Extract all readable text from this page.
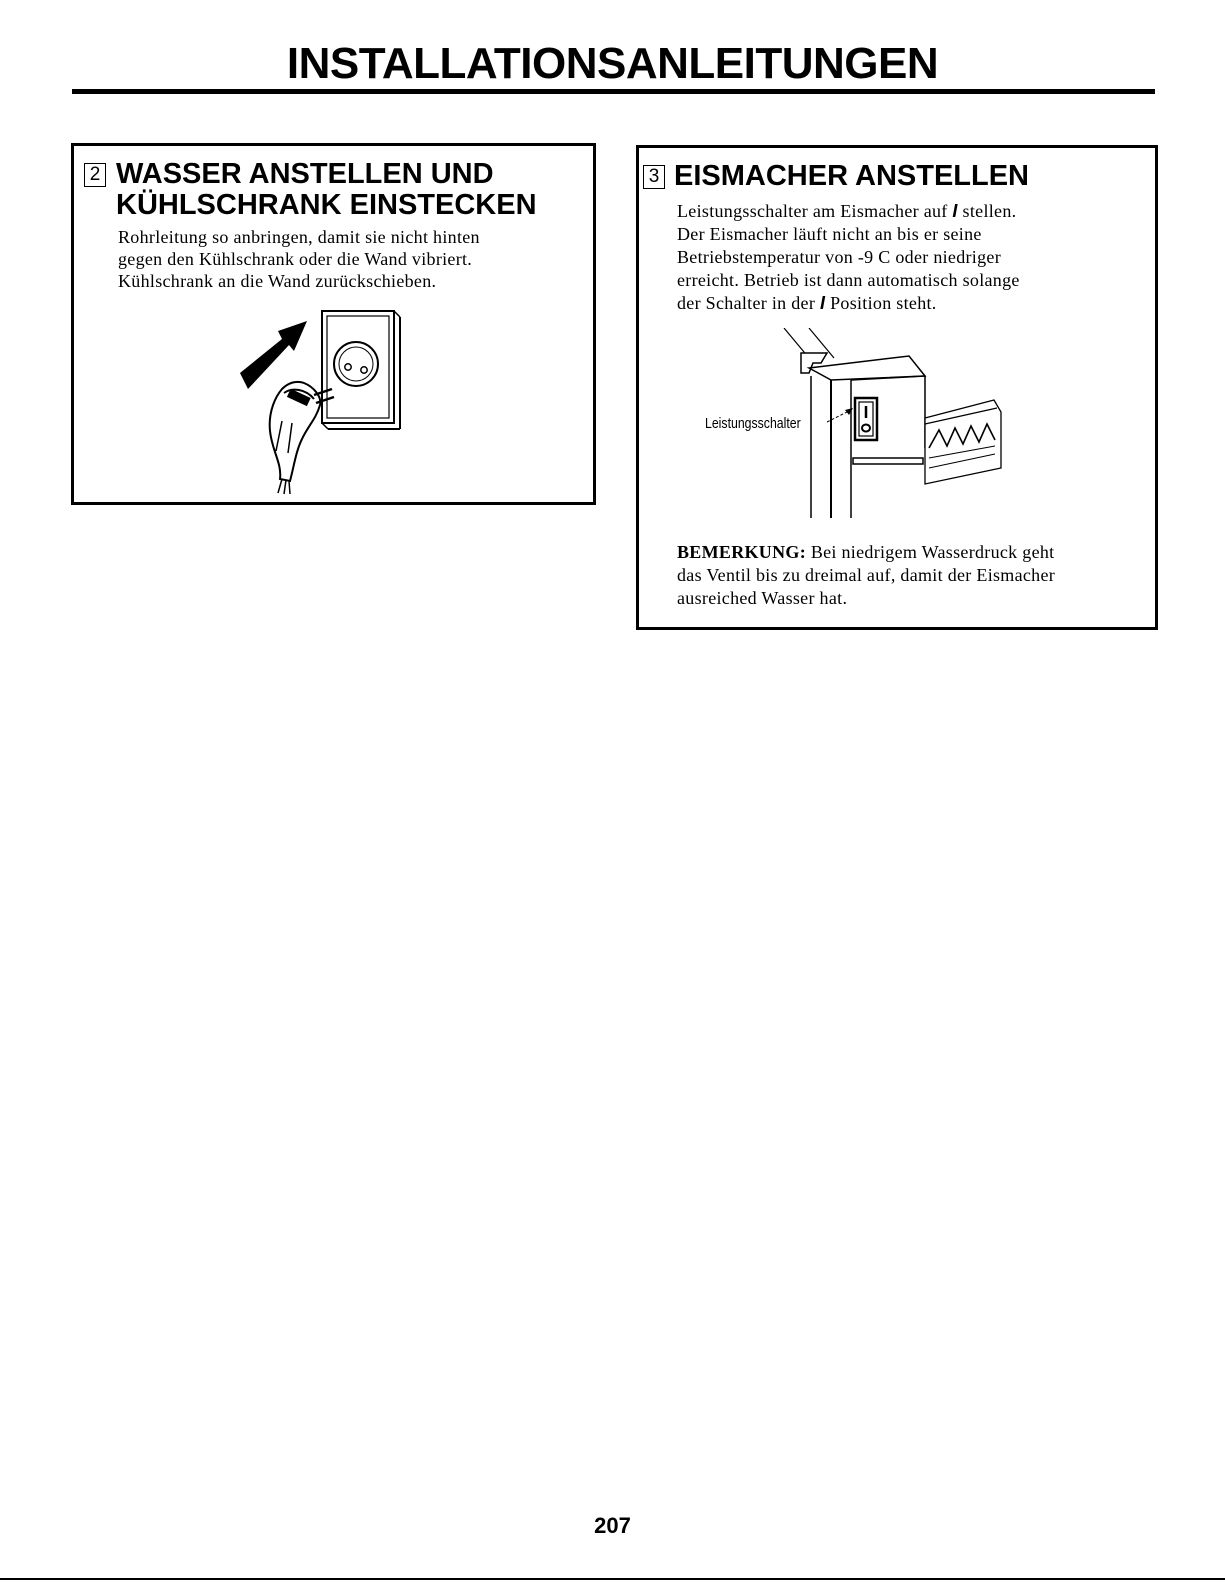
INSTALLATIONSANLEITUNGEN
2 WASSER ANSTELLEN UND
KÜHLSCHRANK EINSTECKEN

Rohrleitung so anbringen, damit sie nicht hinten

gegen den Kühlschrank oder die Wand vibriert.

Kühlschrank an die Wand zurückschieben.

3 EISMACHER ANSTELLEN

Leistungsschalter am Eismacher auf I stellen.

Der Eismacher läuft nicht an bis er seine

Betriebstemperatur von -9 C oder niedriger

erreicht. Betrieb ist dann automatisch solange

der Schalter in der I Position steht.

Leistungsschalter

BEMERKUNG: Bei niedrigem Wasserdruck geht

das Ventil bis zu dreimal auf, damit der Eismacher

ausreiched Wasser hat.

207
